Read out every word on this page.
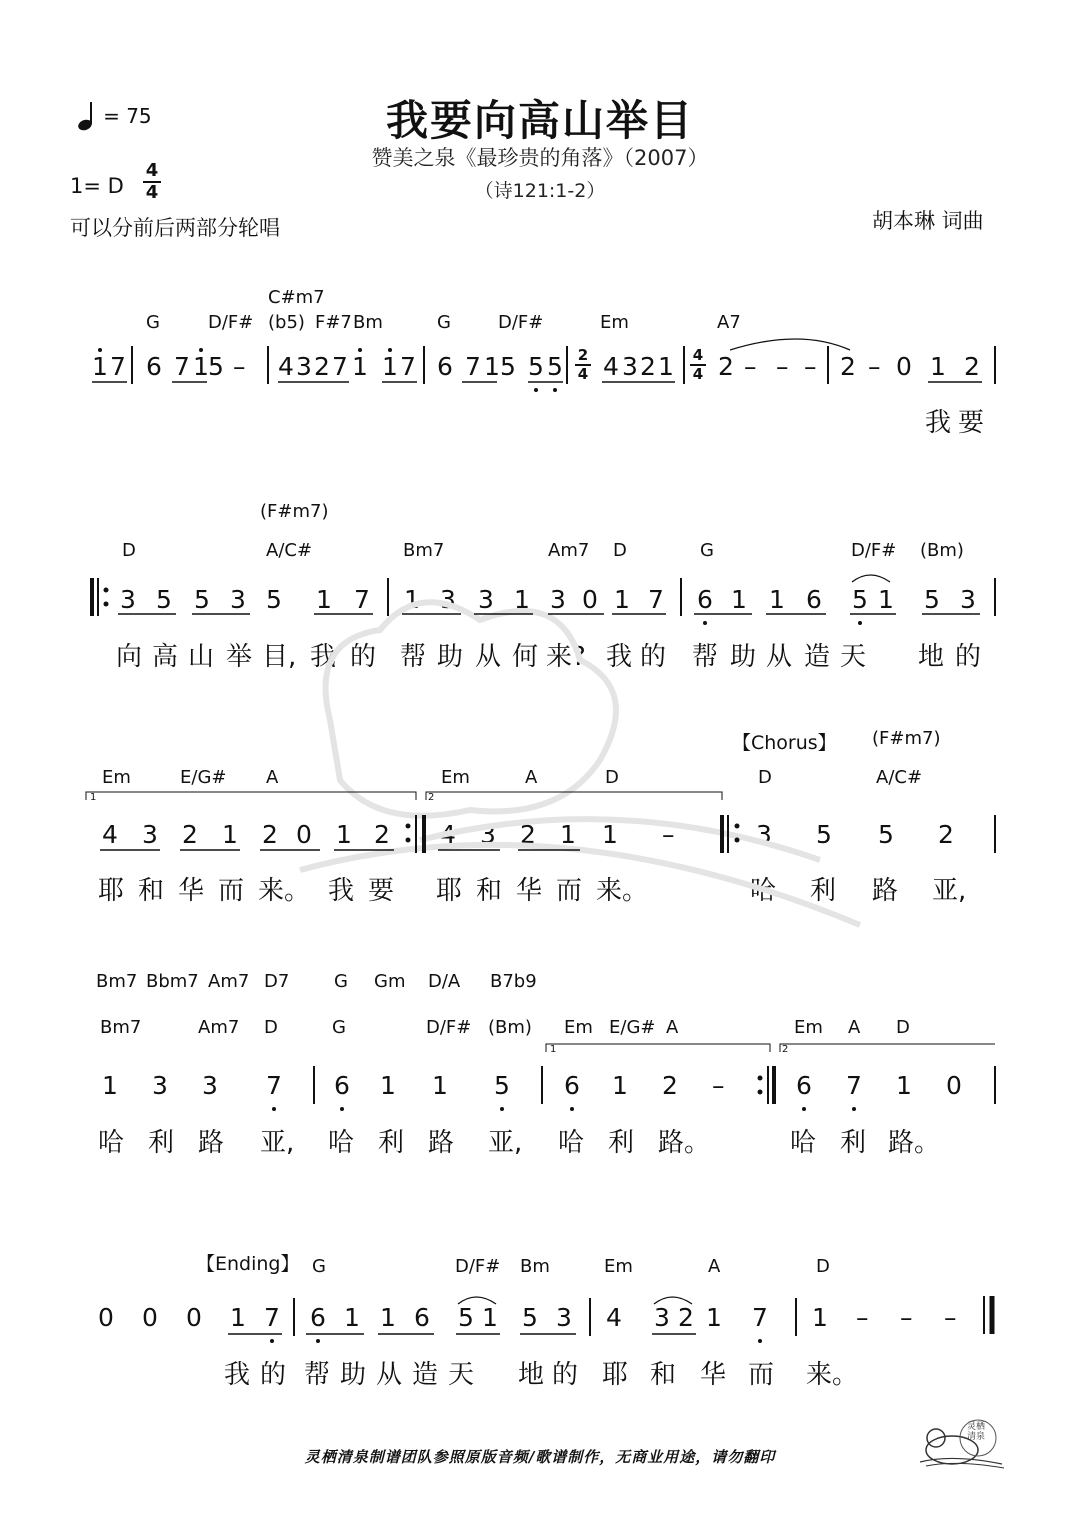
= 75	我要向高山举目
赞美之泉《最珍贵的角落》（2007）
（诗121:1-2）
1= D
4
4
可以分前后两部分轮唱	胡本琳 词曲
G	D/F#
C#m7
(b5) F#7 Bm	G	D/F#	Em	A7
1 7 6 7 1 5 – 4 3 2 7 1 1 7 6 7 1 5 5 5 4 3 2 1 2 – – – 2 – 0 1 2
2
4
4
4
我 要
(F#m7)
D	A/C#	Bm7	Am7 D	G	D/F# (Bm)
3 5 5 3 5 1 7 1 3 3 1 3 0 1 7 6 1 1 6 5 1 5 3
向 高 山 举 目, 我 的 帮 助 从 何 来? 我 的 帮 助 从 造 天 地 的
【Chorus】 (F#m7)
Em	E/G# A	Em	A	D	D	A/C#
1	2
4 3 2 1 2 0 1 2 4 3 2 1 1 –	3 5 5 2
耶 和 华 而 来。 我 要 耶 和 华 而 来。	哈 利 路 亚,
Bm7 Bbm7 Am7 D7 G Gm D/A B7b9
Bm7	Am7 D	G	D/F# (Bm) Em E/G# A	Em A D
1	2
1 3 3 7 6 1 1 5 6 1 2 –	6 7 1 0
哈 利 路 亚, 哈 利 路 亚, 哈 利 路。	哈 利 路。
【Ending】 G	D/F# Bm	Em	A	D
0 0 0 1 7 6 1 1 6 5 1 5 3 4 3 2 1 7 1 – – –
我 的 帮 助 从 造 天 地 的 耶 和 华 而 来。
灵栖清泉制谱团队参照原版音频/歌谱制作，无商业用途，请勿翻印
灵栖清泉
